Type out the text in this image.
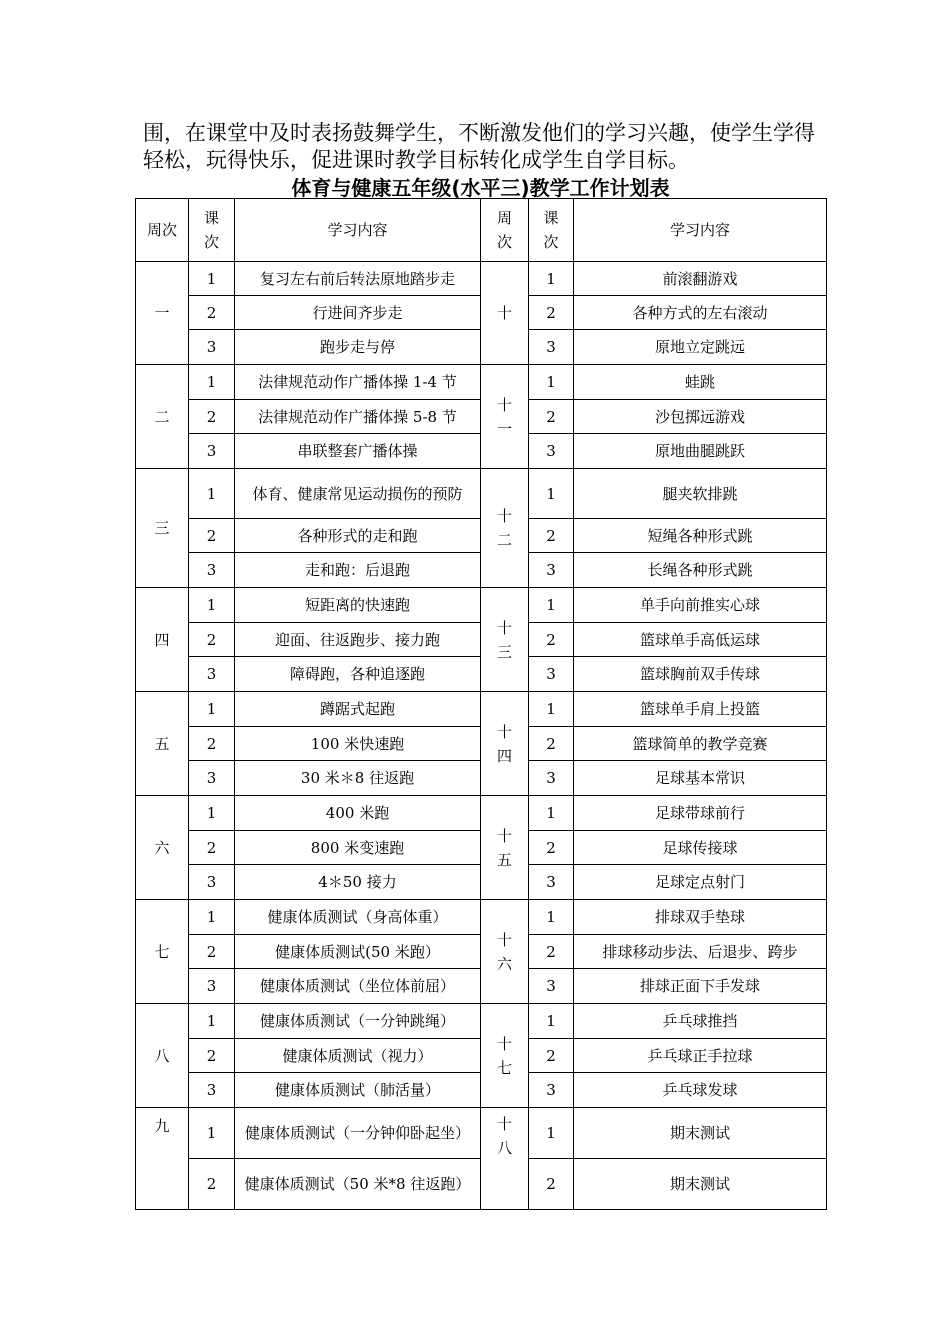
围，在课堂中及时表扬鼓舞学生，不断激发他们的学习兴趣，使学生学得轻松，玩得快乐，促进课时教学目标转化成学生自学目标。

体育与健康五年级(水平三)教学工作计划表

周次	课次	学习内容	周次	课次	学习内容
一	1	复习左右前后转法原地踏步走	十	1	前滚翻游戏
	2	行进间齐步走		2	各种方式的左右滚动
	3	跑步走与停		3	原地立定跳远
二	1	法律规范动作广播体操 1-4 节	十一	1	蛙跳
	2	法律规范动作广播体操 5-8 节		2	沙包掷远游戏
	3	串联整套广播体操		3	原地曲腿跳跃
三	1	体育、健康常见运动损伤的预防	十二	1	腿夹软排跳
	2	各种形式的走和跑		2	短绳各种形式跳
	3	走和跑：后退跑		3	长绳各种形式跳
四	1	短距离的快速跑	十三	1	单手向前推实心球
	2	迎面、往返跑步、接力跑		2	篮球单手高低运球
	3	障碍跑，各种追逐跑		3	篮球胸前双手传球
五	1	蹲踞式起跑	十四	1	篮球单手肩上投篮
	2	100 米快速跑		2	篮球简单的教学竞赛
	3	30 米＊8 往返跑		3	足球基本常识
六	1	400 米跑	十五	1	足球带球前行
	2	800 米变速跑		2	足球传接球
	3	4＊50 接力		3	足球定点射门
七	1	健康体质测试（身高体重）	十六	1	排球双手垫球
	2	健康体质测试(50 米跑）		2	排球移动步法、后退步、跨步
	3	健康体质测试（坐位体前屈）		3	排球正面下手发球
八	1	健康体质测试（一分钟跳绳）	十七	1	乒乓球推挡
	2	健康体质测试（视力）		2	乒乓球正手拉球
	3	健康体质测试（肺活量）		3	乒乓球发球
九	1	健康体质测试（一分钟仰卧起坐）	十八	1	期末测试
	2	健康体质测试（50 米*8 往返跑）		2	期末测试
